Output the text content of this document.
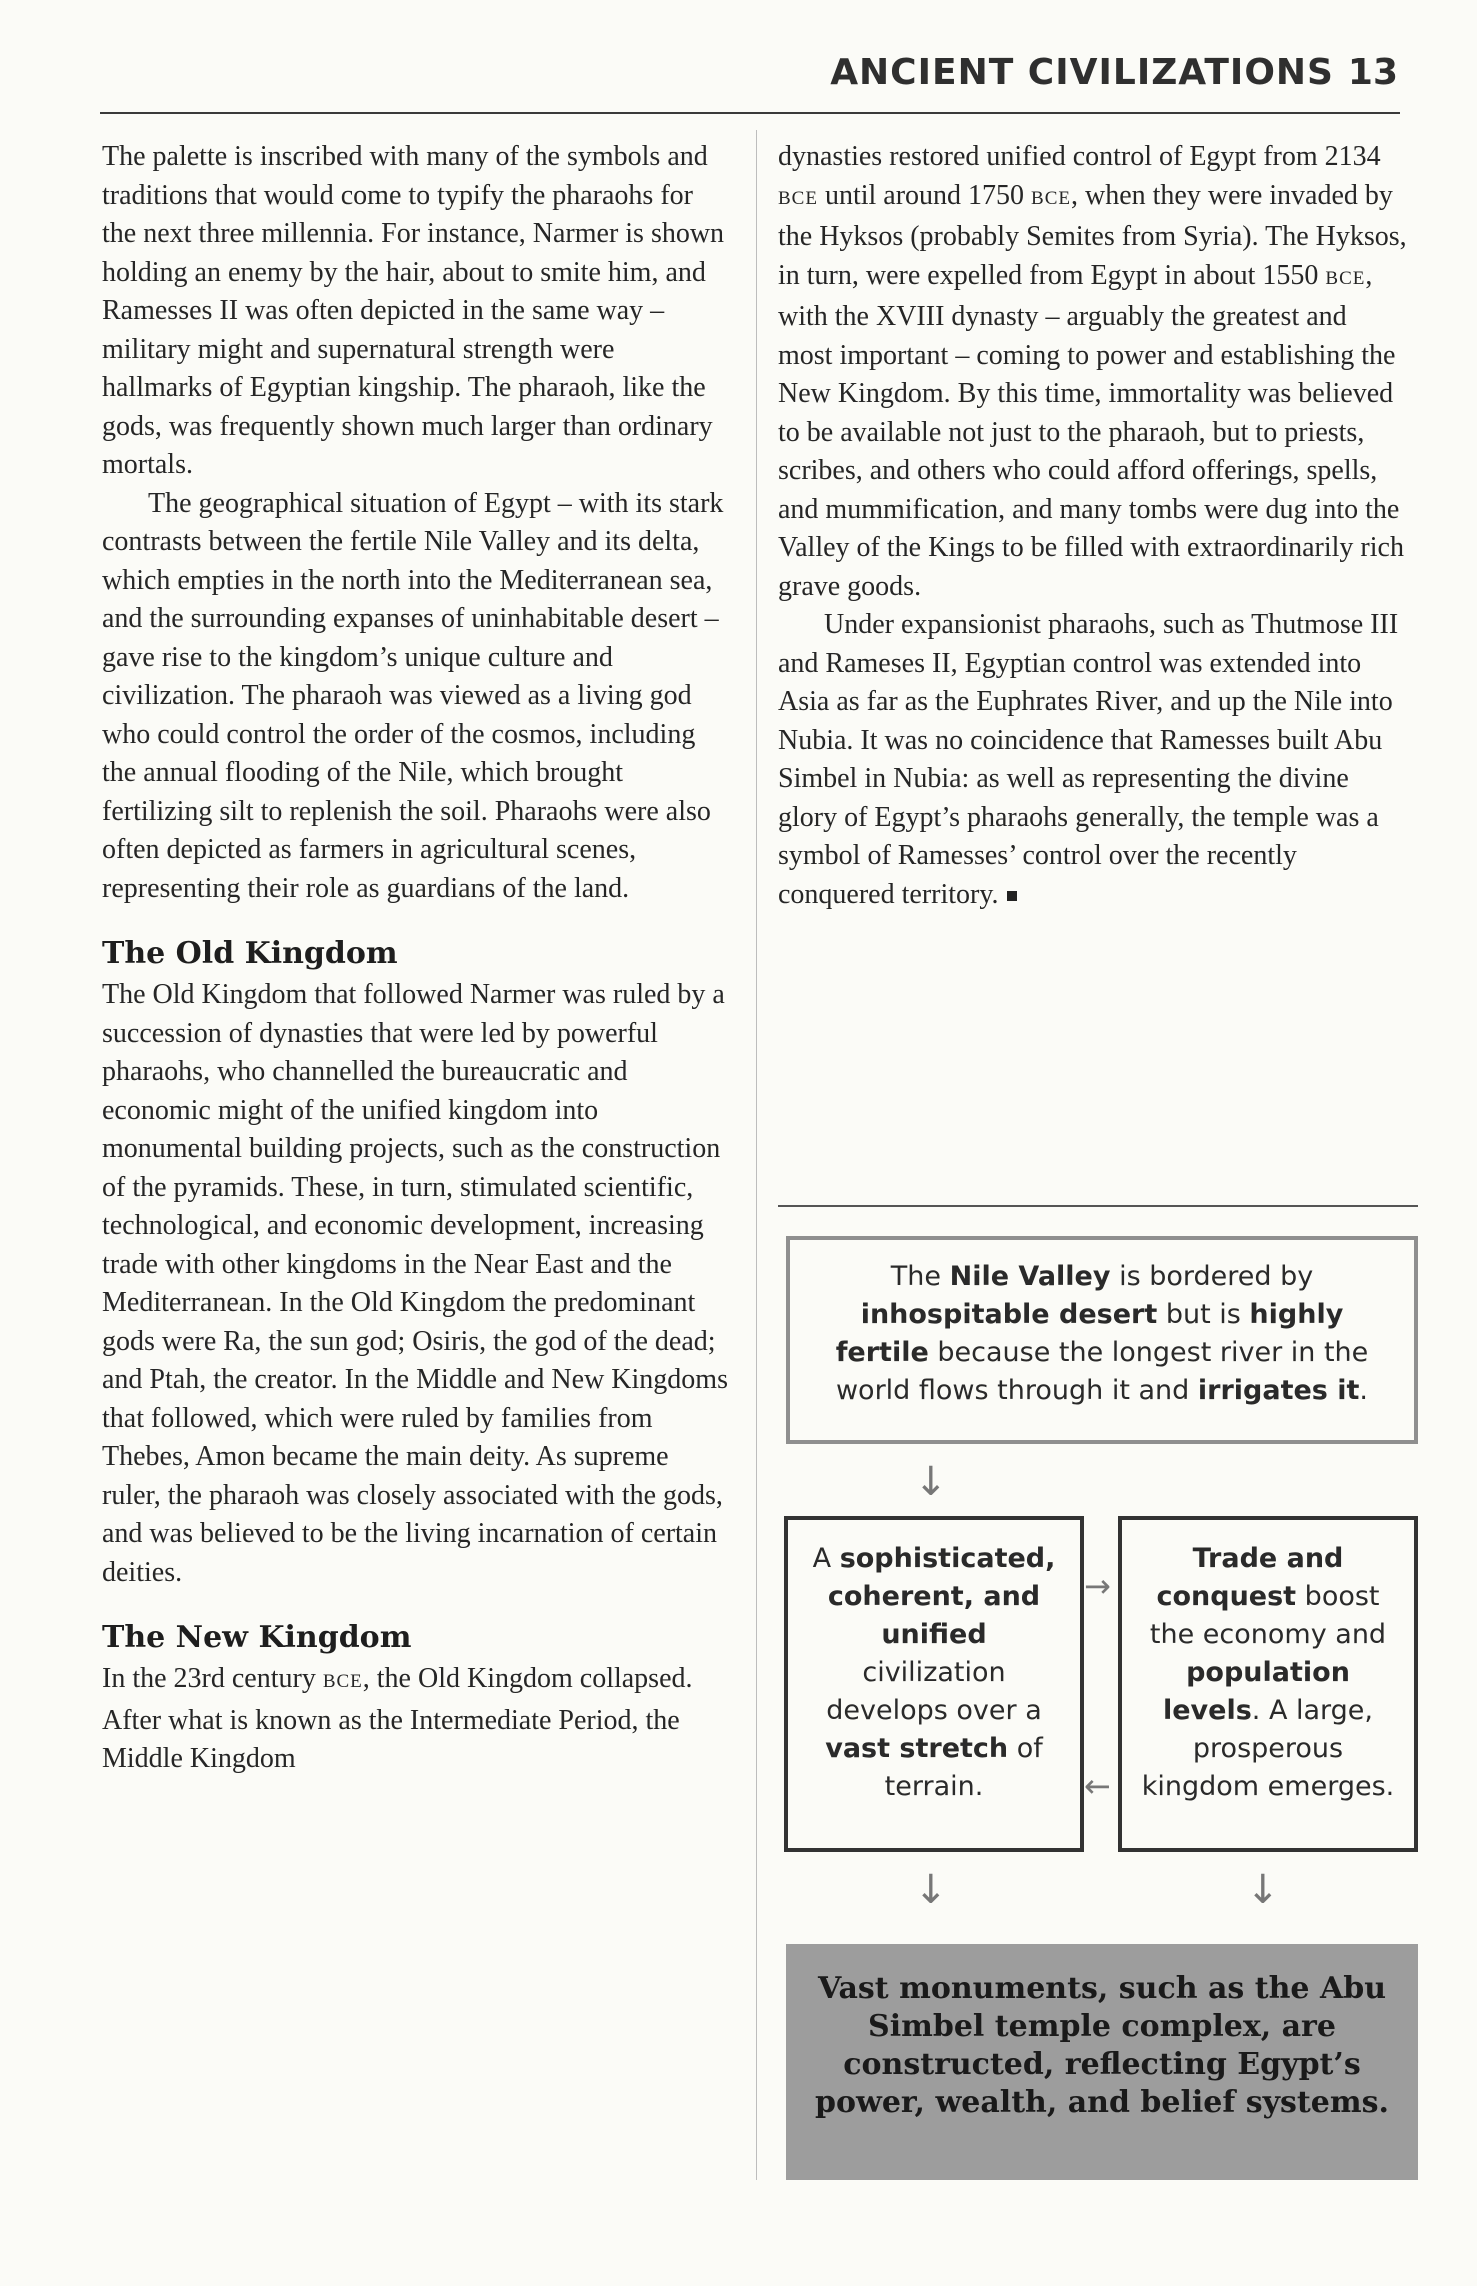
ANCIENT CIVILIZATIONS 13

The palette is inscribed with many of the symbols and traditions that would come to typify the pharaohs for the next three millennia. For instance, Narmer is shown holding an enemy by the hair, about to smite him, and Ramesses II was often depicted in the same way – military might and supernatural strength were hallmarks of Egyptian kingship. The pharaoh, like the gods, was frequently shown much larger than ordinary mortals.

The geographical situation of Egypt – with its stark contrasts between the fertile Nile Valley and its delta, which empties in the north into the Mediterranean sea, and the surrounding expanses of uninhabitable desert – gave rise to the kingdom’s unique culture and civilization. The pharaoh was viewed as a living god who could control the order of the cosmos, including the annual flooding of the Nile, which brought fertilizing silt to replenish the soil. Pharaohs were also often depicted as farmers in agricultural scenes, representing their role as guardians of the land.

The Old Kingdom

The Old Kingdom that followed Narmer was ruled by a succession of dynasties that were led by powerful pharaohs, who channelled the bureaucratic and economic might of the unified kingdom into monumental building projects, such as the construction of the pyramids. These, in turn, stimulated scientific, technological, and economic development, increasing trade with other kingdoms in the Near East and the Mediterranean. In the Old Kingdom the predominant gods were Ra, the sun god; Osiris, the god of the dead; and Ptah, the creator. In the Middle and New Kingdoms that followed, which were ruled by families from Thebes, Amon became the main deity. As supreme ruler, the pharaoh was closely associated with the gods, and was believed to be the living incarnation of certain deities.

The New Kingdom

In the 23rd century BCE, the Old Kingdom collapsed. After what is known as the Intermediate Period, the Middle Kingdom

dynasties restored unified control of Egypt from 2134 BCE until around 1750 BCE, when they were invaded by the Hyksos (probably Semites from Syria). The Hyksos, in turn, were expelled from Egypt in about 1550 BCE, with the XVIII dynasty – arguably the greatest and most important – coming to power and establishing the New Kingdom. By this time, immortality was believed to be available not just to the pharaoh, but to priests, scribes, and others who could afford offerings, spells, and mummification, and many tombs were dug into the Valley of the Kings to be filled with extraordinarily rich grave goods.

Under expansionist pharaohs, such as Thutmose III and Rameses II, Egyptian control was extended into Asia as far as the Euphrates River, and up the Nile into Nubia. It was no coincidence that Ramesses built Abu Simbel in Nubia: as well as representing the divine glory of Egypt’s pharaohs generally, the temple was a symbol of Ramesses’ control over the recently conquered territory.

The Nile Valley is bordered by inhospitable desert but is highly fertile because the longest river in the world flows through it and irrigates it.
↓
A sophisticated, coherent, and unified civilization develops over a vast stretch of terrain.
→
←
Trade and conquest boost the economy and population levels. A large, prosperous kingdom emerges.
↓	↓
Vast monuments, such as the Abu Simbel temple complex, are constructed, reflecting Egypt’s power, wealth, and belief systems.
